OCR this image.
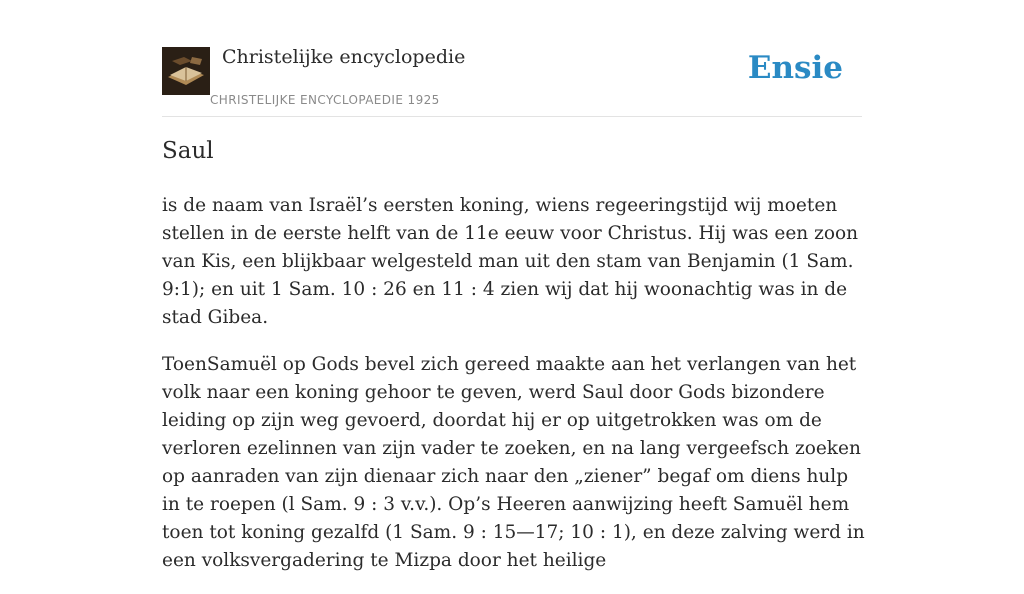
Christelijke encyclopedie
CHRISTELIJKE ENCYCLOPAEDIE 1925
Ensie
Saul

is de naam van Israël’s eersten koning, wiens regeeringstijd wij moeten stellen in de eerste helft van de 11e eeuw voor Christus. Hij was een zoon van Kis, een blijkbaar welgesteld man uit den stam van Benjamin (1 Sam. 9:1); en uit 1 Sam. 10 : 26 en 11 : 4 zien wij dat hij woonachtig was in de stad Gibea.

ToenSamuël op Gods bevel zich gereed maakte aan het verlangen van het volk naar een koning gehoor te geven, werd Saul door Gods bizondere leiding op zijn weg gevoerd, doordat hij er op uitgetrokken was om de verloren ezelinnen van zijn vader te zoeken, en na lang vergeefsch zoeken op aanraden van zijn dienaar zich naar den „ziener” begaf om diens hulp in te roepen (l Sam. 9 : 3 v.v.). Op’s Heeren aanwijzing heeft Samuël hem toen tot koning gezalfd (1 Sam. 9 : 15—17; 10 : 1), en deze zalving werd in een volksvergadering te Mizpa door het heilige
